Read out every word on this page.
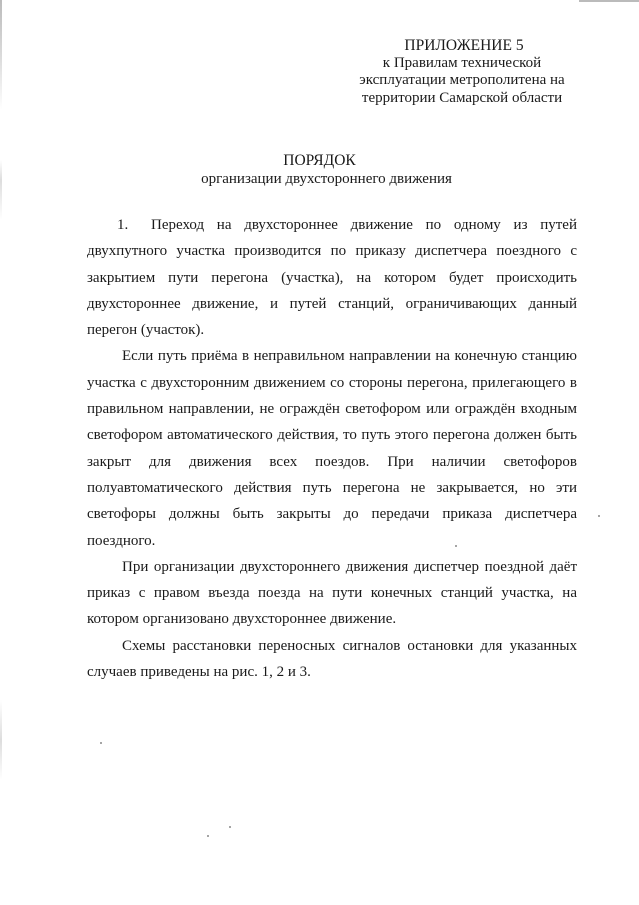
ПРИЛОЖЕНИЕ 5
к Правилам технической
эксплуатации метрополитена на
территории Самарской области
ПОРЯДОК
организации двухстороннего движения

1. Переход на двухстороннее движение по одному из путей двухпутного участка производится по приказу диспетчера поездного с закрытием пути перегона (участка), на котором будет происходить двухстороннее движение, и путей станций, ограничивающих данный перегон (участок).

Если путь приёма в неправильном направлении на конечную станцию участка с двухсторонним движением со стороны перегона, прилегающего в правильном направлении, не ограждён светофором или ограждён входным светофором автоматического действия, то путь этого перегона должен быть закрыт для движения всех поездов. При наличии светофоров полуавтоматического действия путь перегона не закрывается, но эти светофоры должны быть закрыты до передачи приказа диспетчера поездного.

При организации двухстороннего движения диспетчер поездной даёт приказ с правом въезда поезда на пути конечных станций участка, на котором организовано двухстороннее движение.

Схемы расстановки переносных сигналов остановки для указанных случаев приведены на рис. 1, 2 и 3.
